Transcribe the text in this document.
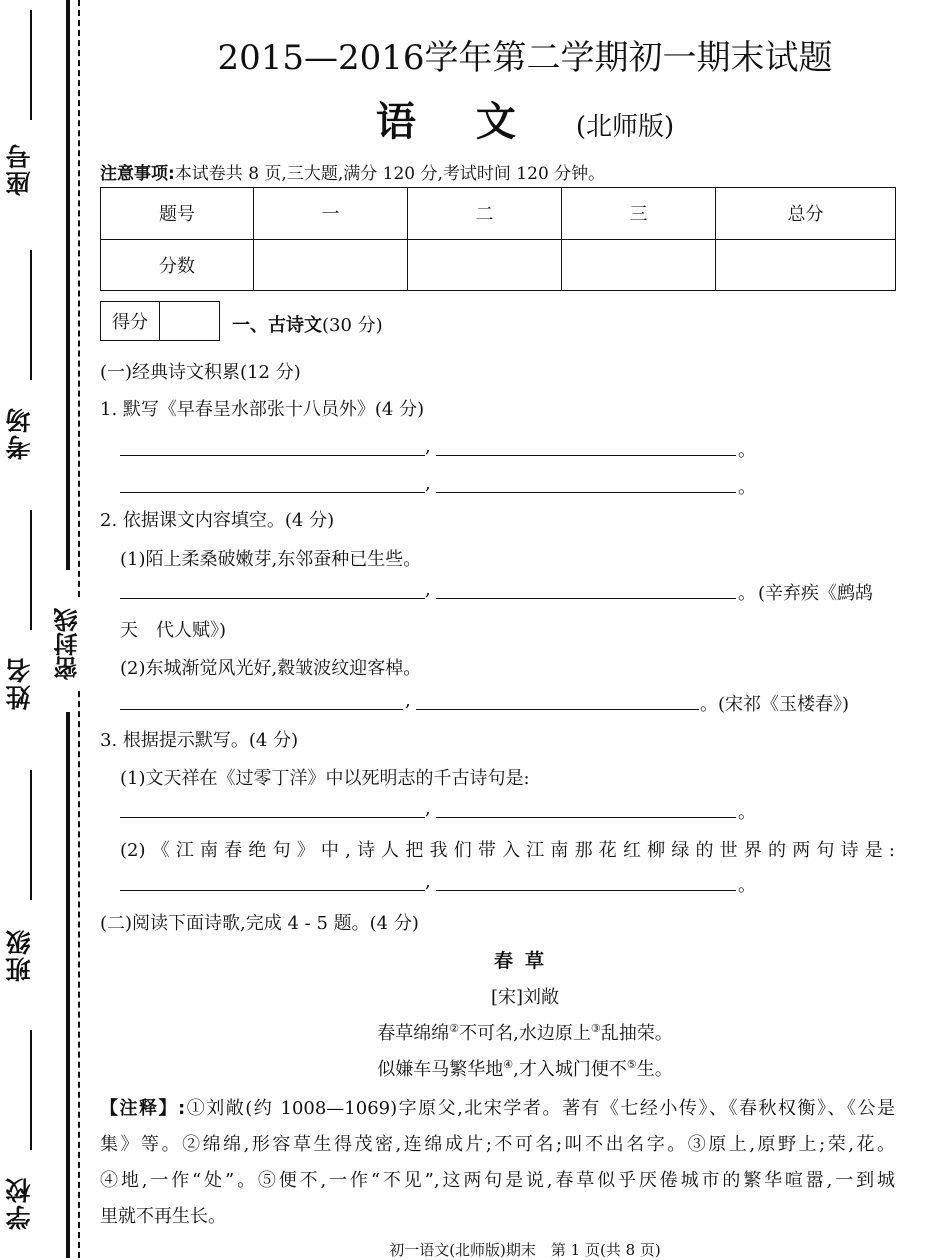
座号
考场
姓名
班级
学校
密封线
2015—2016学年第二学期初一期末试题
语文(北师版)
注意事项:本试卷共 8 页,三大题,满分 120 分,考试时间 120 分钟。
题号	一	二	三	总分
分数				
得分	一、古诗文(30 分)
(一)经典诗文积累(12 分)
1. 默写《早春呈水部张十八员外》(4 分)
,	。
,	。
2. 依据课文内容填空。(4 分)
(1)陌上柔桑破嫩芽,东邻蚕种已生些。
,	。 (辛弃疾《鹧鸪
天　代人赋》)
(2)东城渐觉风光好,縠皱波纹迎客棹。
,	。 (宋祁《玉楼春》)
3. 根据提示默写。(4 分)
(1)文天祥在《过零丁洋》中以死明志的千古诗句是:
,	。
(2)《江南春绝句》中,诗人把我们带入江南那花红柳绿的世界的两句诗是:
,	。
(二)阅读下面诗歌,完成 4 - 5 题。(4 分)
春草
[宋]刘敞
春草绵绵②不可名,水边原上③乱抽荣。
似嫌车马繁华地④,才入城门便不⑤生。
【注释】:①刘敞(约 1008—1069)字原父,北宋学者。著有《七经小传》、《春秋权衡》、《公是
集》等。②绵绵,形容草生得茂密,连绵成片;不可名;叫不出名字。③原上,原野上;荣,花。
④地,一作“处”。⑤便不,一作“不见”,这两句是说,春草似乎厌倦城市的繁华喧嚣,一到城
里就不再生长。
初一语文(北师版)期末　第 1 页(共 8 页)
